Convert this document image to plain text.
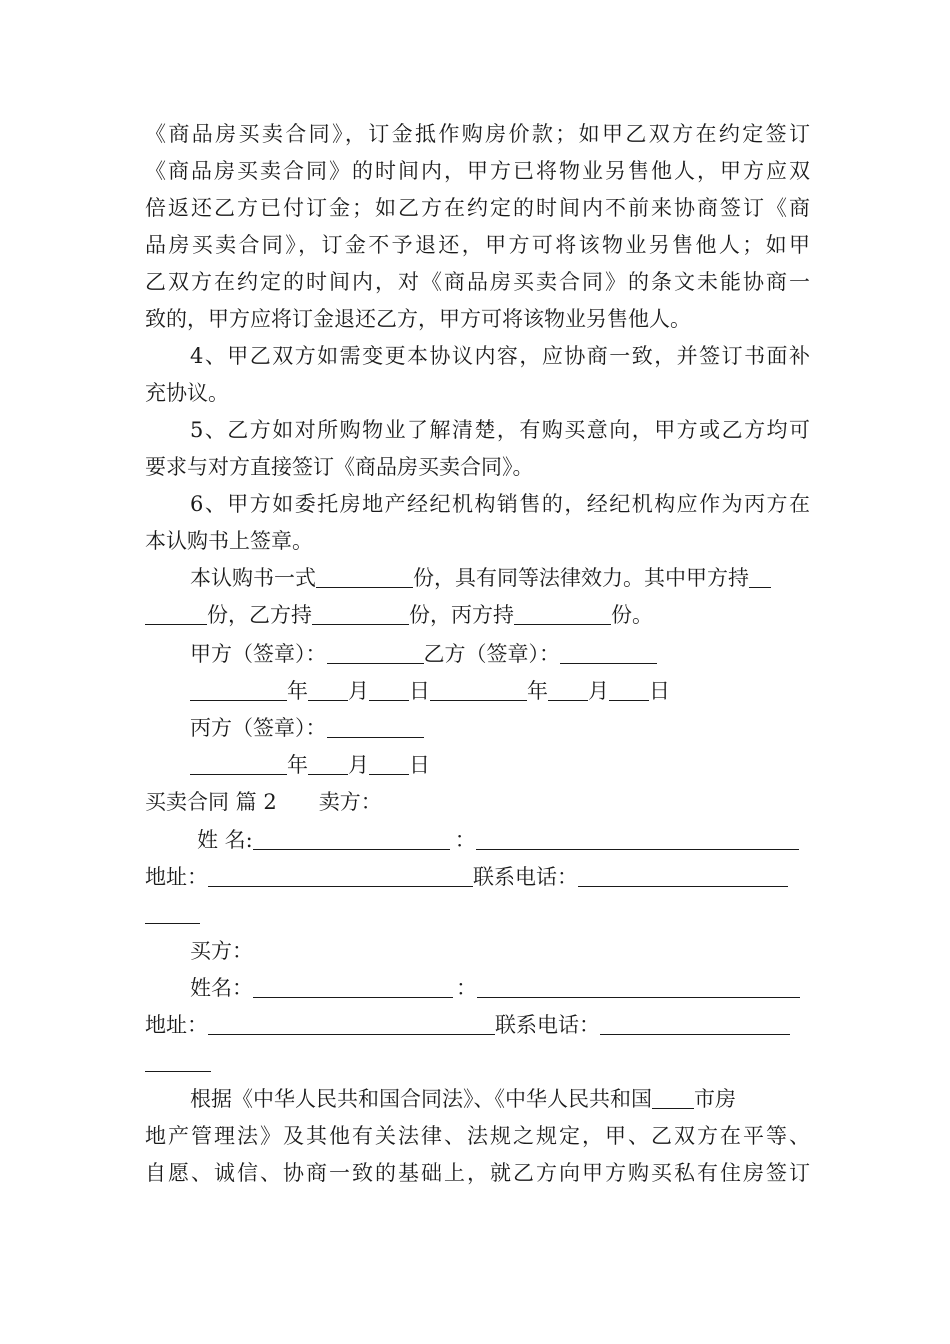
《商品房买卖合同》，订金抵作购房价款；如甲乙双方在约定签订
《商品房买卖合同》的时间内，甲方已将物业另售他人，甲方应双
倍返还乙方已付订金；如乙方在约定的时间内不前来协商签订《商
品房买卖合同》，订金不予退还，甲方可将该物业另售他人；如甲
乙双方在约定的时间内，对《商品房买卖合同》的条文未能协商一
致的，甲方应将订金退还乙方，甲方可将该物业另售他人。
4、甲乙双方如需变更本协议内容，应协商一致，并签订书面补
充协议。
5、乙方如对所购物业了解清楚，有购买意向，甲方或乙方均可
要求与对方直接签订《商品房买卖合同》。
6、甲方如委托房地产经纪机构销售的，经纪机构应作为丙方在
本认购书上签章。
本认购书一式	份，具有同等法律效力。其中甲方持
份，乙方持	份，丙方持	份。
甲方（签章）：	乙方（签章）：
年 月 日	年 月 日
丙方（签章）：
年 月 日
买卖合同 篇 2 卖方：
姓 名:	：
地址：	联系电话：
买方：
姓名：	：
地址：	联系电话：
根据《中华人民共和国合同法》、《中华人民共和国 市房
地产管理法》及其他有关法律、法规之规定，甲、乙双方在平等、
自愿、诚信、协商一致的基础上，就乙方向甲方购买私有住房签订
